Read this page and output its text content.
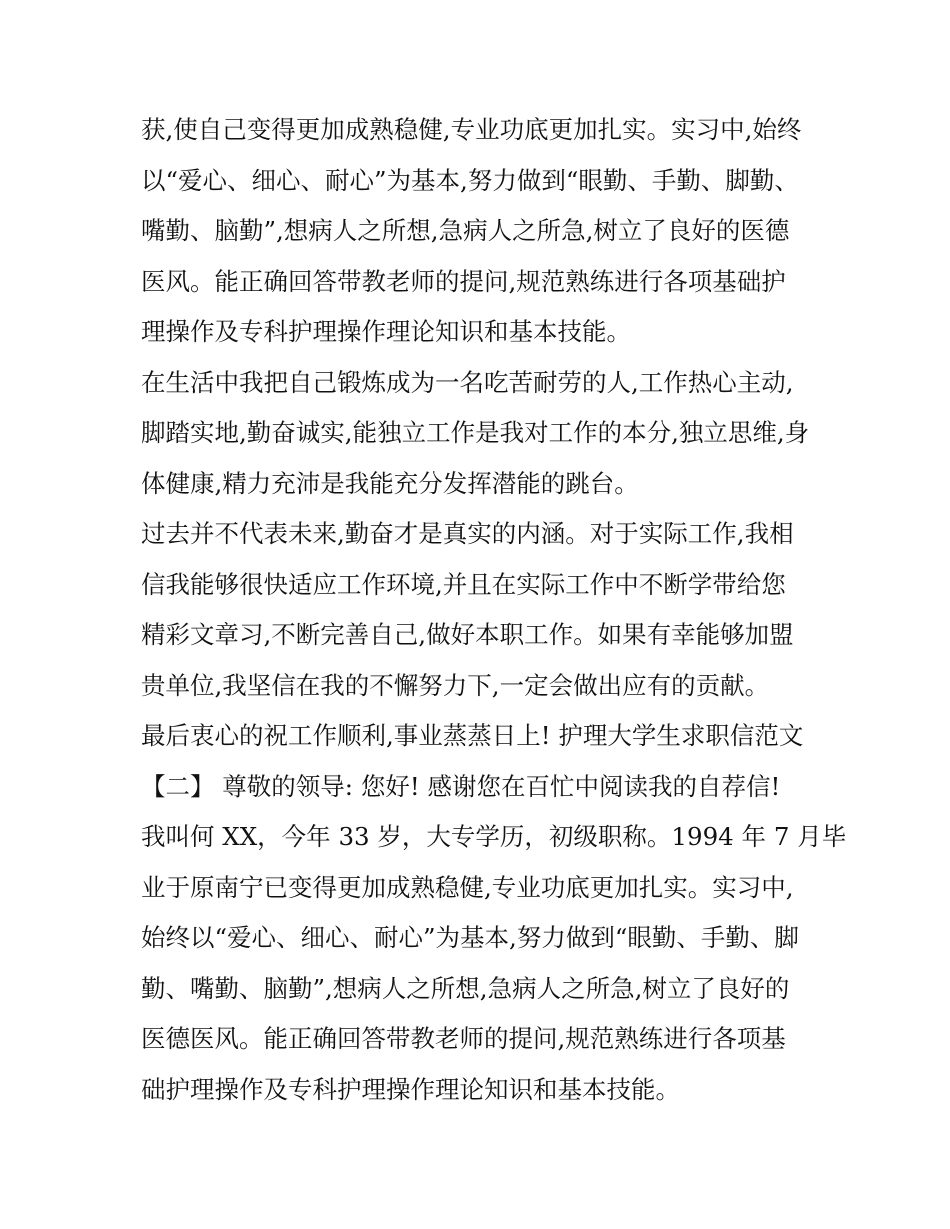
获,使自己变得更加成熟稳健,专业功底更加扎实。实习中,始终
以“爱心、细心、耐心”为基本,努力做到“眼勤、手勤、脚勤、
嘴勤、脑勤”,想病人之所想,急病人之所急,树立了良好的医德
医风。能正确回答带教老师的提问,规范熟练进行各项基础护
理操作及专科护理操作理论知识和基本技能。
在生活中我把自己锻炼成为一名吃苦耐劳的人,工作热心主动,
脚踏实地,勤奋诚实,能独立工作是我对工作的本分,独立思维,身
体健康,精力充沛是我能充分发挥潜能的跳台。
过去并不代表未来,勤奋才是真实的内涵。对于实际工作,我相
信我能够很快适应工作环境,并且在实际工作中不断学带给您
精彩文章习,不断完善自己,做好本职工作。如果有幸能够加盟
贵单位,我坚信在我的不懈努力下,一定会做出应有的贡献。
最后衷心的祝工作顺利,事业蒸蒸日上! 护理大学生求职信范文
【二】 尊敬的领导: 您好! 感谢您在百忙中阅读我的自荐信!
我叫何 XX，今年 33 岁，大专学历，初级职称。1994 年 7 月毕
业于原南宁已变得更加成熟稳健,专业功底更加扎实。实习中,
始终以“爱心、细心、耐心”为基本,努力做到“眼勤、手勤、脚
勤、嘴勤、脑勤”,想病人之所想,急病人之所急,树立了良好的
医德医风。能正确回答带教老师的提问,规范熟练进行各项基
础护理操作及专科护理操作理论知识和基本技能。
